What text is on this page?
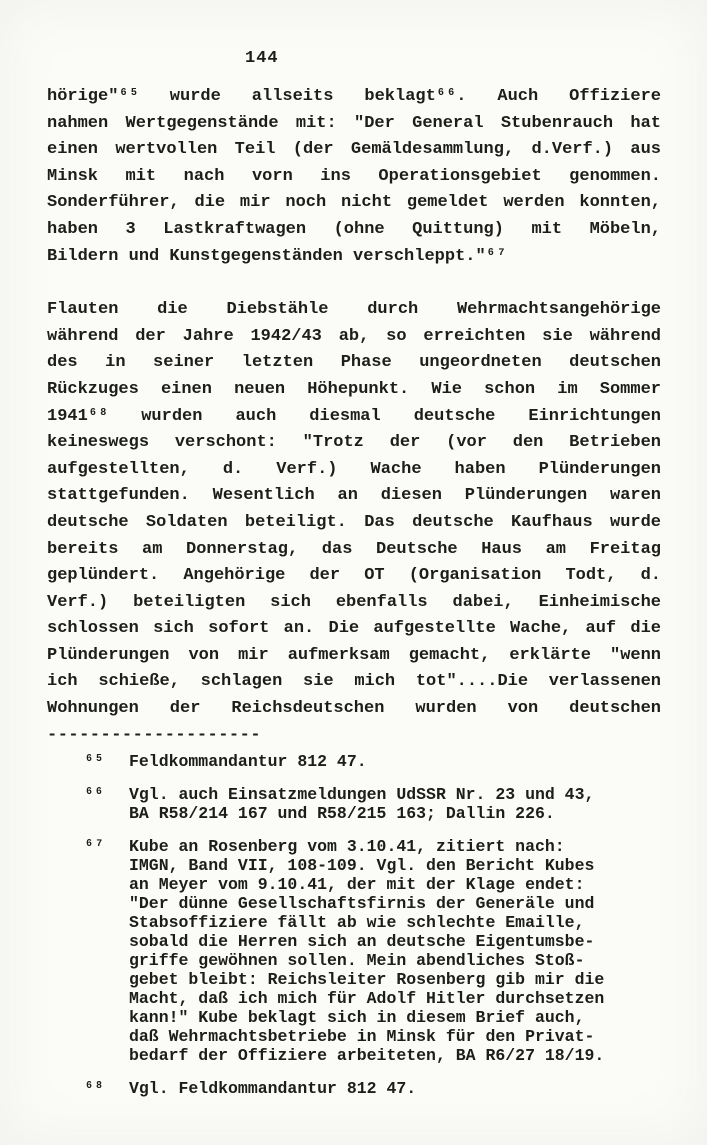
144
hörige"⁶⁵ wurde allseits beklagt⁶⁶. Auch Offiziere
nahmen Wertgegenstände mit: "Der General Stubenrauch hat
einen wertvollen Teil (der Gemäldesammlung, d.Verf.) aus
Minsk mit nach vorn ins Operationsgebiet genommen.
Sonderführer, die mir noch nicht gemeldet werden konnten,
haben 3 Lastkraftwagen (ohne Quittung) mit Möbeln,
Bildern und Kunstgegenständen verschleppt."⁶⁷
Flauten die Diebstähle durch Wehrmachtsangehörige
während der Jahre 1942/43 ab, so erreichten sie während
des in seiner letzten Phase ungeordneten deutschen
Rückzuges einen neuen Höhepunkt. Wie schon im Sommer
1941⁶⁸ wurden auch diesmal deutsche Einrichtungen
keineswegs verschont: "Trotz der (vor den Betrieben
aufgestellten, d. Verf.) Wache haben Plünderungen
stattgefunden. Wesentlich an diesen Plünderungen waren
deutsche Soldaten beteiligt. Das deutsche Kaufhaus wurde
bereits am Donnerstag, das Deutsche Haus am Freitag
geplündert. Angehörige der OT (Organisation Todt, d.
Verf.) beteiligten sich ebenfalls dabei, Einheimische
schlossen sich sofort an. Die aufgestellte Wache, auf die
Plünderungen von mir aufmerksam gemacht, erklärte "wenn
ich schieße, schlagen sie mich tot"....Die verlassenen
Wohnungen der Reichsdeutschen wurden von deutschen
--------------------
⁶⁵	Feldkommandantur 812 47.
⁶⁶	Vgl. auch Einsatzmeldungen UdSSR Nr. 23 und 43,
BA R58/214 167 und R58/215 163; Dallin 226.
⁶⁷	Kube an Rosenberg vom 3.10.41, zitiert nach:
IMGN, Band VII, 108-109. Vgl. den Bericht Kubes
an Meyer vom 9.10.41, der mit der Klage endet:
"Der dünne Gesellschaftsfirnis der Generäle und
Stabsoffiziere fällt ab wie schlechte Emaille,
sobald die Herren sich an deutsche Eigentumsbe-
griffe gewöhnen sollen. Mein abendliches Stoß-
gebet bleibt: Reichsleiter Rosenberg gib mir die
Macht, daß ich mich für Adolf Hitler durchsetzen
kann!" Kube beklagt sich in diesem Brief auch,
daß Wehrmachtsbetriebe in Minsk für den Privat-
bedarf der Offiziere arbeiteten, BA R6/27 18/19.
⁶⁸	Vgl. Feldkommandantur 812 47.
